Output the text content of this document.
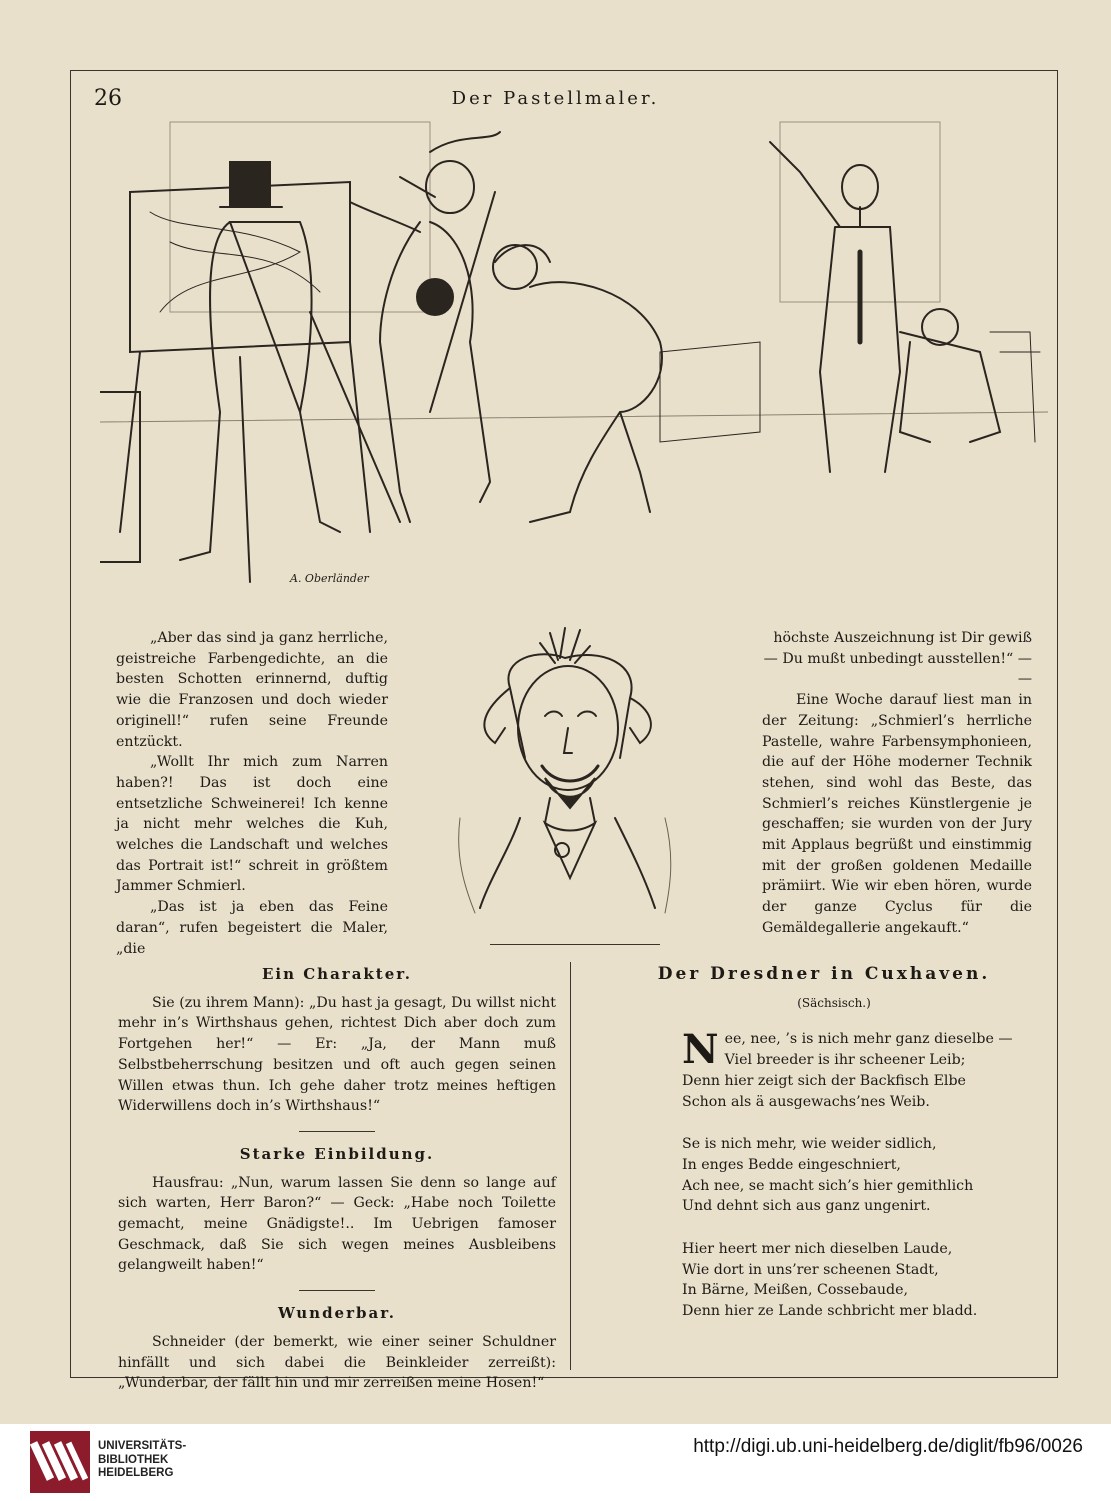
26	Der Pastellmaler.
A. Oberländer

„Aber das sind ja ganz herrliche, geistreiche Farbengedichte, an die besten Schotten erinnernd, duftig wie die Franzosen und doch wieder originell!“ rufen seine Freunde entzückt.

„Wollt Ihr mich zum Narren haben?! Das ist doch eine entsetzliche Schweinerei! Ich kenne ja nicht mehr welches die Kuh, welches die Landschaft und welches das Portrait ist!“ schreit in größtem Jammer Schmierl.

„Das ist ja eben das Feine daran“, rufen begeistert die Maler, „die

höchste Auszeichnung ist Dir gewiß — Du mußt unbedingt ausstellen!“ — —

Eine Woche darauf liest man in der Zeitung: „Schmierl’s herrliche Pastelle, wahre Farbensymphonieen, die auf der Höhe moderner Technik stehen, sind wohl das Beste, das Schmierl’s reiches Künstlergenie je geschaffen; sie wurden von der Jury mit Applaus begrüßt und einstimmig mit der großen goldenen Medaille prämiirt. Wie wir eben hören, wurde der ganze Cyclus für die Gemäldegallerie angekauft.“

Ein Charakter.

Sie (zu ihrem Mann): „Du hast ja gesagt, Du willst nicht mehr in’s Wirthshaus gehen, richtest Dich aber doch zum Fortgehen her!“ — Er: „Ja, der Mann muß Selbstbeherrschung besitzen und oft auch gegen seinen Willen etwas thun. Ich gehe daher trotz meines heftigen Widerwillens doch in’s Wirthshaus!“

Starke Einbildung.

Hausfrau: „Nun, warum lassen Sie denn so lange auf sich warten, Herr Baron?“ — Geck: „Habe noch Toilette gemacht, meine Gnädigste!.. Im Uebrigen famoser Geschmack, daß Sie sich wegen meines Ausbleibens gelangweilt haben!“

Wunderbar.

Schneider (der bemerkt, wie einer seiner Schuldner hinfällt und sich dabei die Beinkleider zerreißt): „Wunderbar, der fällt hin und mir zerreißen meine Hosen!“

Der Dresdner in Cuxhaven.

(Sächsisch.)

N ee, nee, ’s is nich mehr ganz dieselbe —

Viel breeder is ihr scheener Leib;

Denn hier zeigt sich der Backfisch Elbe

Schon als ä ausgewachs’nes Weib.

Se is nich mehr, wie weider sidlich,

In enges Bedde eingeschniert,

Ach nee, se macht sich’s hier gemithlich

Und dehnt sich aus ganz ungenirt.

Hier heert mer nich dieselben Laude,

Wie dort in uns’rer scheenen Stadt,

In Bärne, Meißen, Cossebaude,

Denn hier ze Lande schbricht mer bladd.

UNIVERSITÄTS-
BIBLIOTHEK
HEIDELBERG
http://digi.ub.uni-heidelberg.de/diglit/fb96/0026
